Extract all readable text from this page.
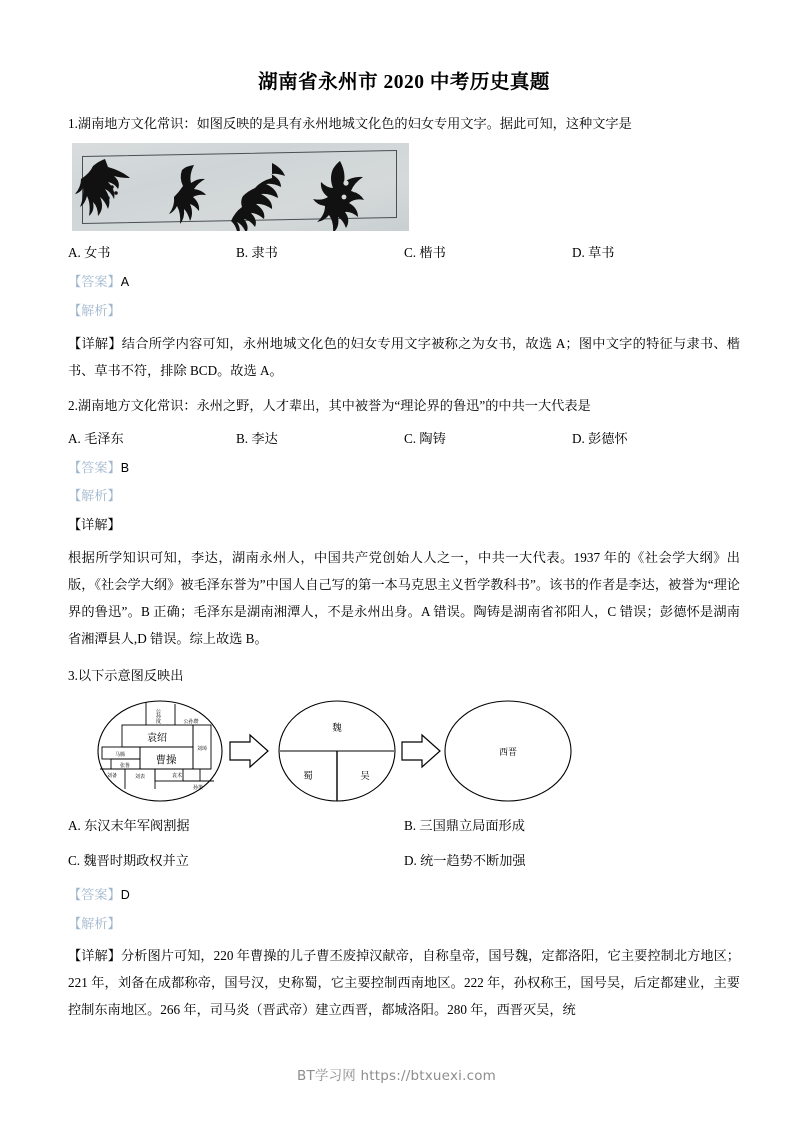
湖南省永州市 2020 中考历史真题
1.湖南地方文化常识：如图反映的是具有永州地城文化色的妇女专用文字。据此可知，这种文字是
A. 女书	B. 隶书	C. 楷书	D. 草书
【答案】A
【解析】
【详解】结合所学内容可知，永州地城文化色的妇女专用文字被称之为女书，故选 A；图中文字的特征与隶书、楷书、草书不符，排除 BCD。故选 A。
2.湖南地方文化常识：永州之野，人才辈出，其中被誉为“理论界的鲁迅”的中共一大代表是
A. 毛泽东	B. 李达	C. 陶铸	D. 彭德怀
【答案】B
【解析】
【详解】
根据所学知识可知，李达，湖南永州人，中国共产党创始人人之一，中共一大代表。1937 年的《社会学大纲》出版，《社会学大纲》被毛泽东誉为”中国人自己写的第一本马克思主义哲学教科书”。该书的作者是李达，被誉为“理论界的鲁迅”。B 正确；毛泽东是湖南湘潭人，不是永州出身。A 错误。陶铸是湖南省祁阳人，C 错误；彭德怀是湖南省湘潭县人,D 错误。综上故选 B。
3.以下示意图反映出
公孙度	公孙瓒
袁绍
曹操
马腾
张鲁
刘璋
刘备	刘表	袁术
孙策
魏
蜀	吴
西晋
A. 东汉末年军阀割据	B. 三国鼎立局面形成
C. 魏晋时期政权并立	D. 统一趋势不断加强
【答案】D
【解析】
【详解】分析图片可知，220 年曹操的儿子曹丕废掉汉献帝，自称皇帝，国号魏，定都洛阳，它主要控制北方地区；221 年，刘备在成都称帝，国号汉，史称蜀，它主要控制西南地区。222 年，孙权称王，国号吴，后定都建业，主要控制东南地区。266 年，司马炎（晋武帝）建立西晋，都城洛阳。280 年，西晋灭吴，统
BT学习网 https://btxuexi.com
